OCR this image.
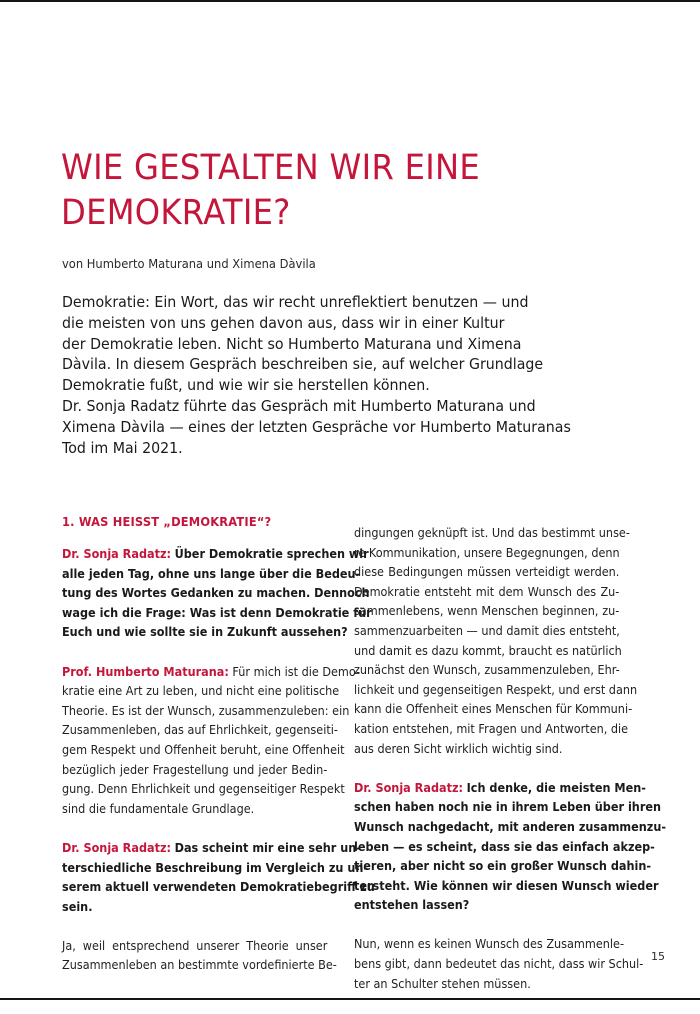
WIE GESTALTEN WIR EINE
DEMOKRATIE?
von Humberto Maturana und Ximena Dàvila

Demokratie: Ein Wort, das wir recht unreflektiert benutzen — und
die meisten von uns gehen davon aus, dass wir in einer Kultur
der Demokratie leben. Nicht so Humberto Maturana und Ximena
Dàvila. In diesem Gespräch beschreiben sie, auf welcher Grundlage
Demokratie fußt, und wie wir sie herstellen können.
Dr. Sonja Radatz führte das Gespräch mit Humberto Maturana und
Ximena Dàvila — eines der letzten Gespräche vor Humberto Maturanas
Tod im Mai 2021.

1. WAS HEISST „DEMOKRATIE“?
Dr. Sonja Radatz: Über Demokratie sprechen wir
alle jeden Tag, ohne uns lange über die Bedeu-
tung des Wortes Gedanken zu machen. Dennoch
wage ich die Frage: Was ist denn Demokratie für
Euch und wie sollte sie in Zukunft aussehen?
Prof. Humberto Maturana: Für mich ist die Demo-
kratie eine Art zu leben, und nicht eine politische
Theorie. Es ist der Wunsch, zusammenzuleben: ein
Zusammenleben, das auf Ehrlichkeit, gegenseiti-
gem Respekt und Offenheit beruht, eine Offenheit
bezüglich jeder Fragestellung und jeder Bedin-
gung. Denn Ehrlichkeit und gegenseitiger Respekt
sind die fundamentale Grundlage.
Dr. Sonja Radatz: Das scheint mir eine sehr un-
terschiedliche Beschreibung im Vergleich zu un-
serem aktuell verwendeten Demokratiebegriff zu
sein.
Ja, weil entsprechend unserer Theorie unser
Zusammenleben an bestimmte vordefinierte Be-
dingungen geknüpft ist. Und das bestimmt unse-
re Kommunikation, unsere Begegnungen, denn
diese Bedingungen müssen verteidigt werden.
Demokratie entsteht mit dem Wunsch des Zu-
sammenlebens, wenn Menschen beginnen, zu-
sammenzuarbeiten — und damit dies entsteht,
und damit es dazu kommt, braucht es natürlich
zunächst den Wunsch, zusammenzuleben, Ehr-
lichkeit und gegenseitigen Respekt, und erst dann
kann die Offenheit eines Menschen für Kommuni-
kation entstehen, mit Fragen und Antworten, die
aus deren Sicht wirklich wichtig sind.
Dr. Sonja Radatz: Ich denke, die meisten Men-
schen haben noch nie in ihrem Leben über ihren
Wunsch nachgedacht, mit anderen zusammenzu-
leben — es scheint, dass sie das einfach akzep-
tieren, aber nicht so ein großer Wunsch dahin-
tersteht. Wie können wir diesen Wunsch wieder
entstehen lassen?
Nun, wenn es keinen Wunsch des Zusammenle-
bens gibt, dann bedeutet das nicht, dass wir Schul-
ter an Schulter stehen müssen.
15
